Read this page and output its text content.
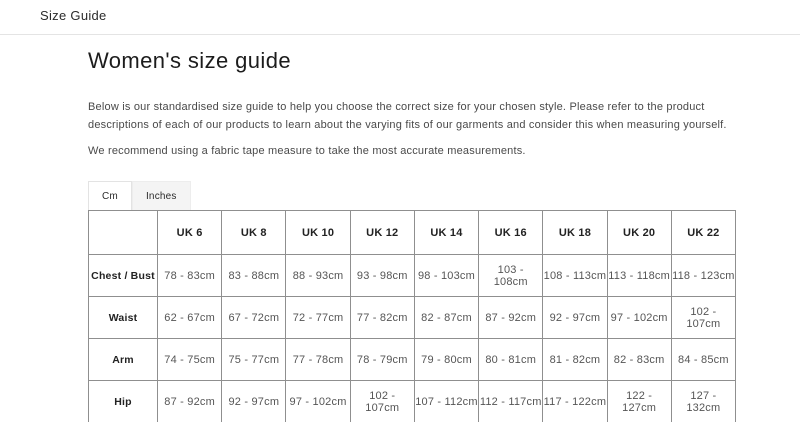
Size Guide
Women's size guide

Below is our standardised size guide to help you choose the correct size for your chosen style. Please refer to the product descriptions of each of our products to learn about the varying fits of our garments and consider this when measuring yourself.

We recommend using a fabric tape measure to take the most accurate measurements.

Cm	Inches
	UK 6	UK 8	UK 10	UK 12	UK 14	UK 16	UK 18	UK 20	UK 22
Chest / Bust	78 - 83cm	83 - 88cm	88 - 93cm	93 - 98cm	98 - 103cm	103 - 108cm	108 - 113cm	113 - 118cm	118 - 123cm
Waist	62 - 67cm	67 - 72cm	72 - 77cm	77 - 82cm	82 - 87cm	87 - 92cm	92 - 97cm	97 - 102cm	102 - 107cm
Arm	74 - 75cm	75 - 77cm	77 - 78cm	78 - 79cm	79 - 80cm	80 - 81cm	81 - 82cm	82 - 83cm	84 - 85cm
Hip	87 - 92cm	92 - 97cm	97 - 102cm	102 - 107cm	107 - 112cm	112 - 117cm	117 - 122cm	122 - 127cm	127 - 132cm
